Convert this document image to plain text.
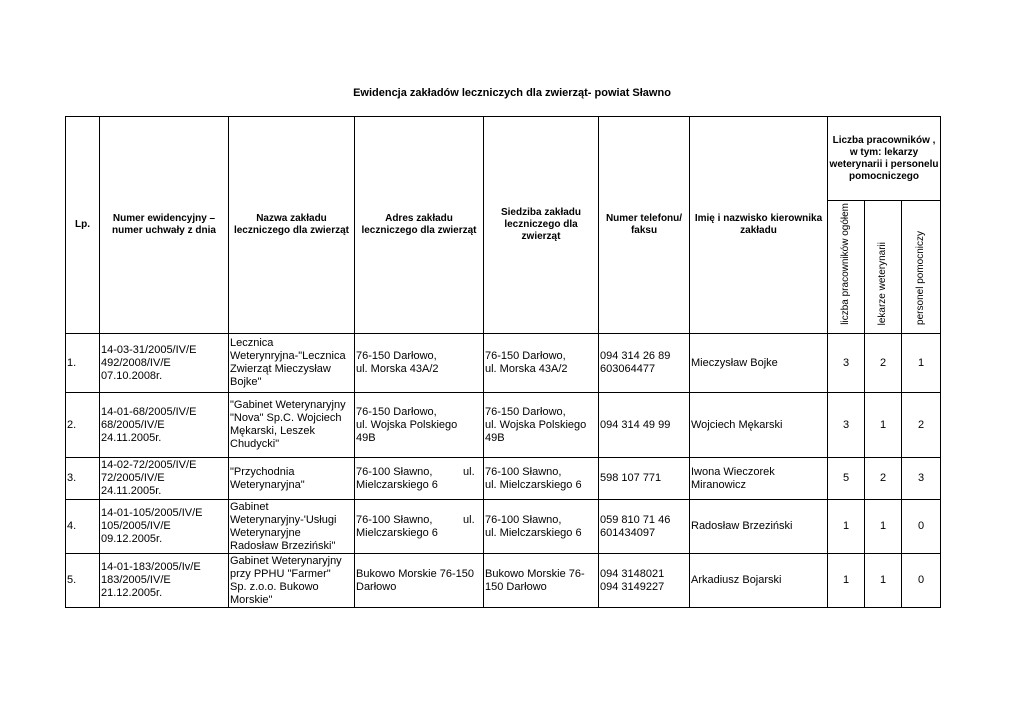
Ewidencja zakładów leczniczych dla zwierząt- powiat Sławno
Lp.	Numer ewidencyjny – numer uchwały z dnia	Nazwa zakładu leczniczego dla zwierząt	Adres zakładu leczniczego dla zwierząt	Siedziba zakładu leczniczego dla zwierząt	Numer telefonu/ faksu	Imię i nazwisko kierownika zakładu	Liczba pracowników , w tym: lekarzy weterynarii i personelu pomocniczego		
							liczba pracowników ogółem	lekarze weterynarii	personel pomocniczy
1.	14-03-31/2005/IV/E
492/2008/IV/E
07.10.2008r.	Lecznica
Weterynryjna-"Lecznica
Zwierząt Mieczysław
Bojke"	76-150 Darłowo,
ul. Morska 43A/2	76-150 Darłowo,
ul. Morska 43A/2	094 314 26 89
603064477	Mieczysław Bojke	3	2	1
2.	14-01-68/2005/IV/E
68/2005/IV/E
24.11.2005r.	"Gabinet Weterynaryjny
"Nova" Sp.C. Wojciech
Mękarski, Leszek
Chudycki"	76-150 Darłowo,
ul. Wojska Polskiego
49B	76-150 Darłowo,
ul. Wojska Polskiego
49B	094 314 49 99	Wojciech Mękarski	3	1	2
3.	14-02-72/2005/IV/E
72/2005/IV/E
24.11.2005r.	"Przychodnia
Weterynaryjna"	76-100 Sławno,          ul.
Mielczarskiego 6	76-100 Sławno,
ul. Mielczarskiego 6	598 107 771	Iwona Wieczorek
Miranowicz	5	2	3
4.	14-01-105/2005/IV/E
105/2005/IV/E
09.12.2005r.	Gabinet
Weterynaryjny-'Usługi
Weterynaryjne
Radosław Brzeziński"	76-100 Sławno,          ul.
Mielczarskiego 6	76-100 Sławno,
ul. Mielczarskiego 6	059 810 71 46
601434097	Radosław Brzeziński	1	1	0
5.	14-01-183/2005/Iv/E
183/2005/IV/E
21.12.2005r.	Gabinet Weterynaryjny
przy PPHU "Farmer"
Sp. z.o.o. Bukowo
Morskie"	Bukowo Morskie 76-150
Darłowo	Bukowo Morskie 76-
150 Darłowo	094 3148021
094 3149227	Arkadiusz Bojarski	1	1	0
